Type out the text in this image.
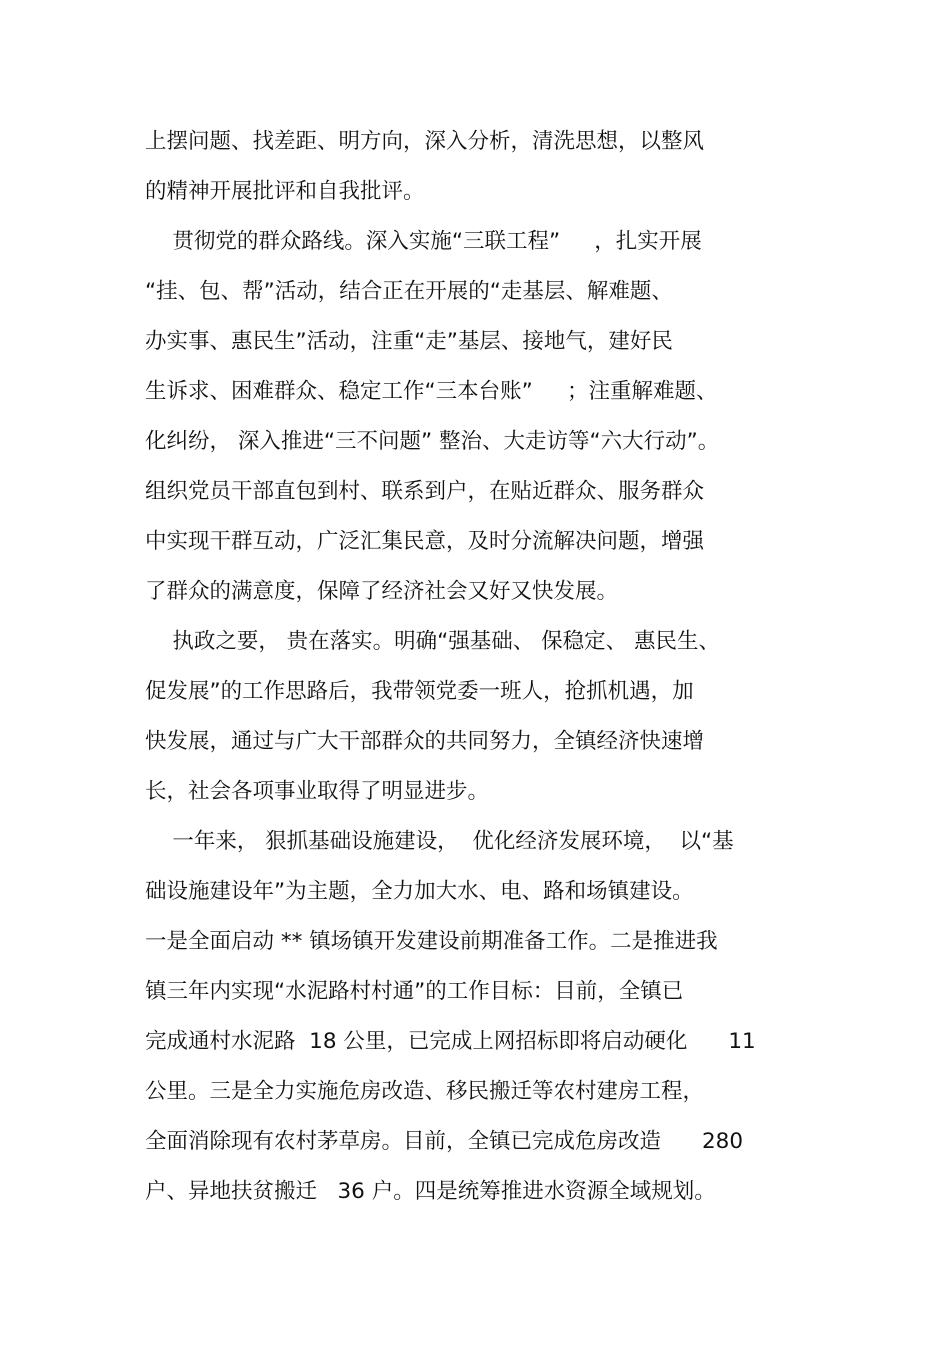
上摆问题、找差距、明方向，深入分析，清洗思想，以整风
的精神开展批评和自我批评。
贯彻党的群众路线。深入实施“三联工程”     ，扎实开展
“挂、包、帮”活动，结合正在开展的“走基层、解难题、
办实事、惠民生”活动，注重“走”基层、接地气，建好民
生诉求、困难群众、稳定工作“三本台账”     ；注重解难题、
化纠纷， 深入推进“三不问题” 整治、大走访等“六大行动”。
组织党员干部直包到村、联系到户，在贴近群众、服务群众
中实现干群互动，广泛汇集民意，及时分流解决问题，增强
了群众的满意度，保障了经济社会又好又快发展。
执政之要， 贵在落实。明确“强基础、 保稳定、 惠民生、
促发展”的工作思路后，我带领党委一班人，抢抓机遇，加
快发展，通过与广大干部群众的共同努力，全镇经济快速增
长，社会各项事业取得了明显进步。
一年来， 狠抓基础设施建设，  优化经济发展环境，  以“基
础设施建设年”为主题，全力加大水、电、路和场镇建设。
一是全面启动 ** 镇场镇开发建设前期准备工作。二是推进我
镇三年内实现“水泥路村村通”的工作目标：目前，全镇已
完成通村水泥路  18 公里，已完成上网招标即将启动硬化      11
公里。三是全力实施危房改造、移民搬迁等农村建房工程，
全面消除现有农村茅草房。目前，全镇已完成危房改造      280
户、异地扶贫搬迁   36 户。四是统筹推进水资源全域规划。
